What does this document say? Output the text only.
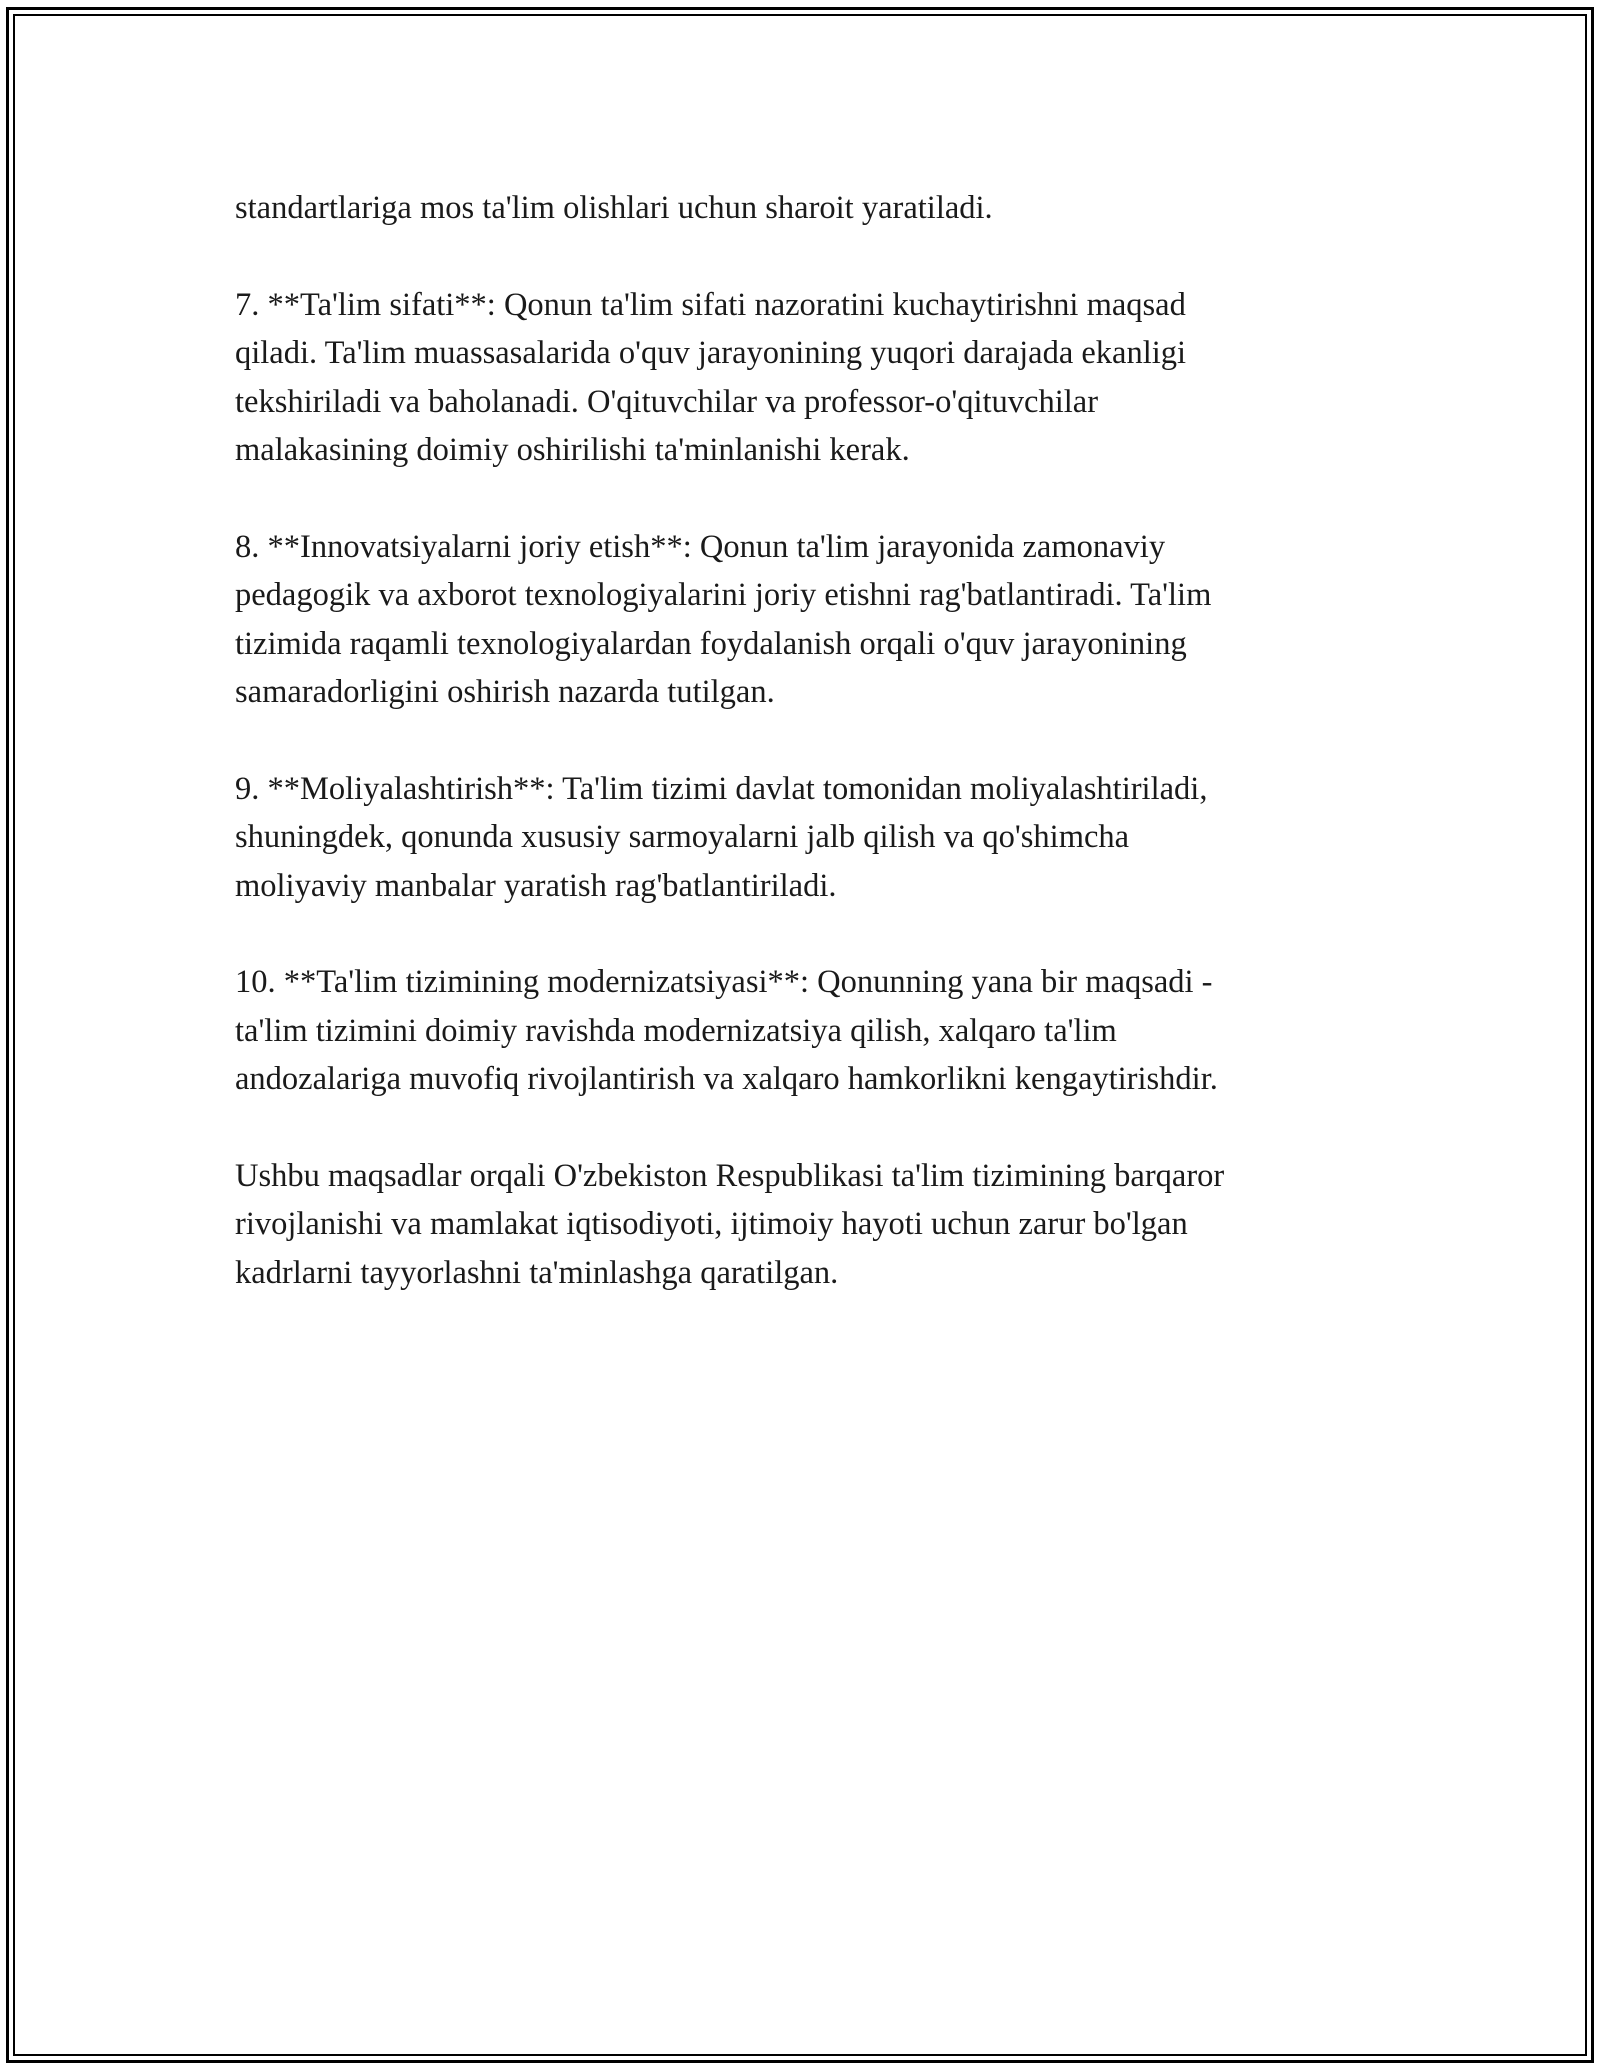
standartlariga mos ta'lim olishlari uchun sharoit yaratiladi.

7. **Ta'lim sifati**: Qonun ta'lim sifati nazoratini kuchaytirishni maqsad
qiladi. Ta'lim muassasalarida o'quv jarayonining yuqori darajada ekanligi
tekshiriladi va baholanadi. O'qituvchilar va professor-o'qituvchilar
malakasining doimiy oshirilishi ta'minlanishi kerak.

8. **Innovatsiyalarni joriy etish**: Qonun ta'lim jarayonida zamonaviy
pedagogik va axborot texnologiyalarini joriy etishni rag'batlantiradi. Ta'lim
tizimida raqamli texnologiyalardan foydalanish orqali o'quv jarayonining
samaradorligini oshirish nazarda tutilgan.

9. **Moliyalashtirish**: Ta'lim tizimi davlat tomonidan moliyalashtiriladi,
shuningdek, qonunda xususiy sarmoyalarni jalb qilish va qo'shimcha
moliyaviy manbalar yaratish rag'batlantiriladi.

10. **Ta'lim tizimining modernizatsiyasi**: Qonunning yana bir maqsadi -
ta'lim tizimini doimiy ravishda modernizatsiya qilish, xalqaro ta'lim
andozalariga muvofiq rivojlantirish va xalqaro hamkorlikni kengaytirishdir.

Ushbu maqsadlar orqali O'zbekiston Respublikasi ta'lim tizimining barqaror
rivojlanishi va mamlakat iqtisodiyoti, ijtimoiy hayoti uchun zarur bo'lgan
kadrlarni tayyorlashni ta'minlashga qaratilgan.
